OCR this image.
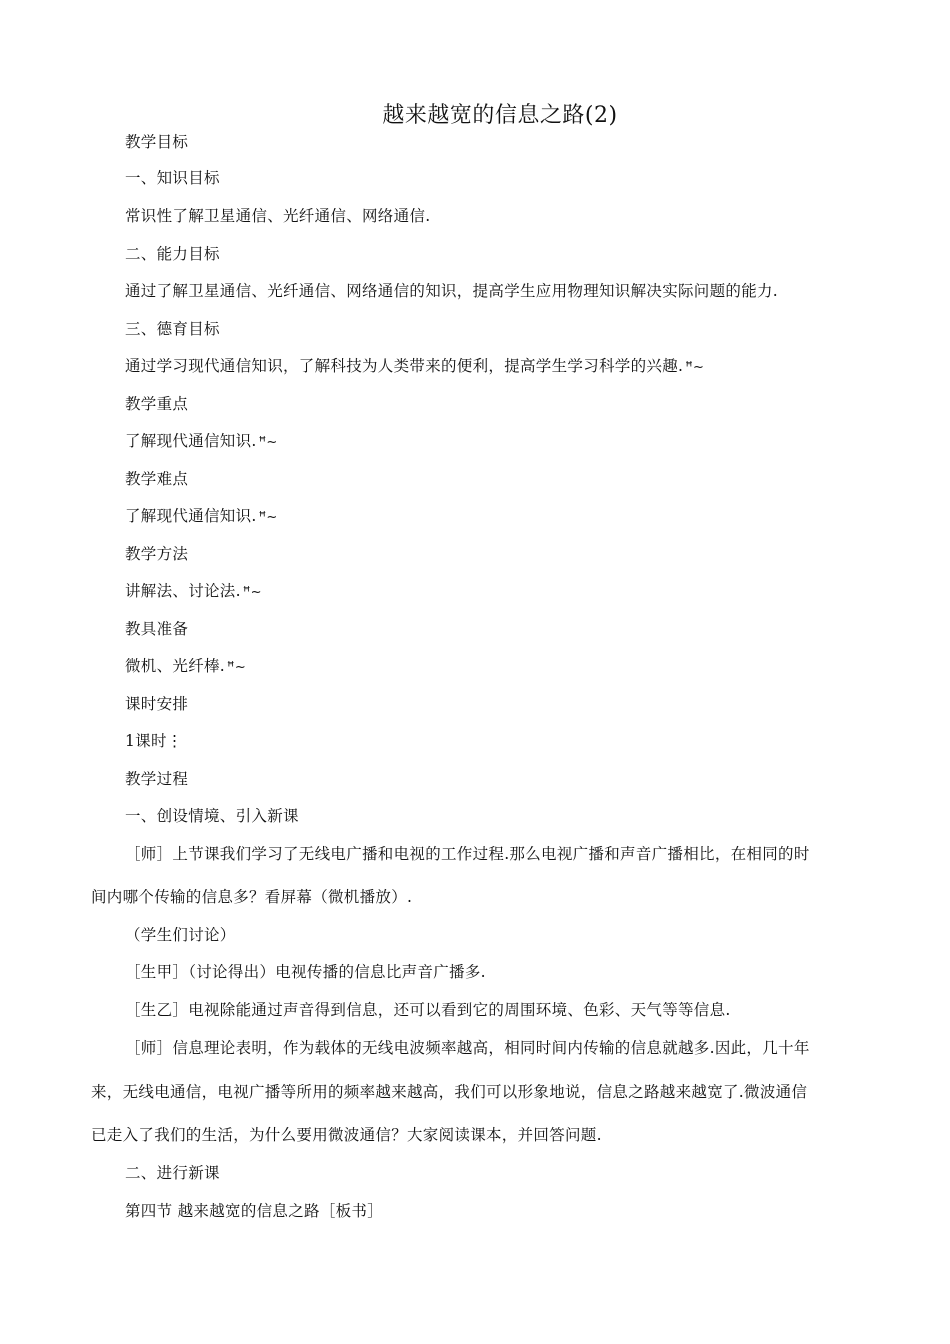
越来越宽的信息之路(2)
教学目标
一、知识目标
常识性了解卫星通信、光纤通信、网络通信.
二、能力目标
通过了解卫星通信、光纤通信、网络通信的知识，提高学生应用物理知识解决实际问题的能力.
三、德育目标
通过学习现代通信知识，了解科技为人类带来的便利，提高学生学习科学的兴趣. ꟸ~
教学重点
了解现代通信知识. ꟸ~
教学难点
了解现代通信知识. ꟸ~
教学方法
讲解法、讨论法. ꟸ~
教具准备
微机、光纤棒. ꟸ~
课时安排
1课时⋮
教学过程
一、创设情境、引入新课
［师］上节课我们学习了无线电广播和电视的工作过程.那么电视广播和声音广播相比，在相同的时
间内哪个传输的信息多？看屏幕（微机播放）.
（学生们讨论）
［生甲］（讨论得出）电视传播的信息比声音广播多.
［生乙］电视除能通过声音得到信息，还可以看到它的周围环境、色彩、天气等等信息.
［师］信息理论表明，作为载体的无线电波频率越高，相同时间内传输的信息就越多.因此，几十年
来，无线电通信，电视广播等所用的频率越来越高，我们可以形象地说，信息之路越来越宽了.微波通信
已走入了我们的生活，为什么要用微波通信？大家阅读课本，并回答问题.
二、进行新课
第四节 越来越宽的信息之路［板书］
